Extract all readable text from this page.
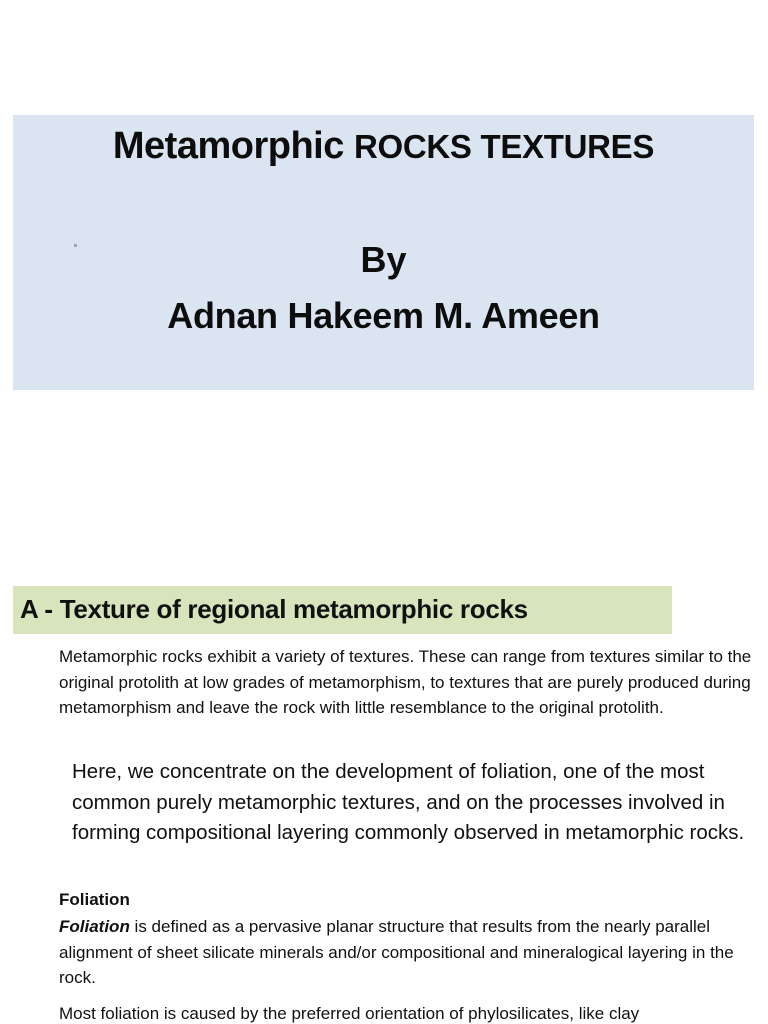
Metamorphic ROCKS TEXTURES
By
Adnan Hakeem M. Ameen
A - Texture of regional metamorphic rocks

Metamorphic rocks exhibit a variety of textures. These can range from textures similar to the original protolith at low grades of metamorphism, to textures that are purely produced during metamorphism and leave the rock with little resemblance to the original protolith.

Here, we concentrate on the development of foliation, one of the most common purely metamorphic textures, and on the processes involved in forming compositional layering commonly observed in metamorphic rocks.

Foliation

Foliation is defined as a pervasive planar structure that results from the nearly parallel alignment of sheet silicate minerals and/or compositional and mineralogical layering in the rock.

Most foliation is caused by the preferred orientation of phylosilicates, like clay
